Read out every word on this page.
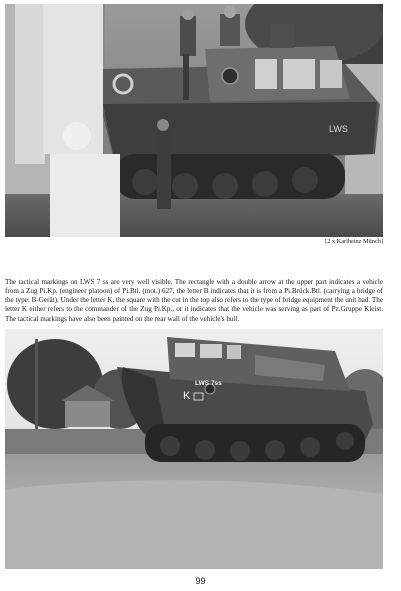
LWS
[2 x Karlheinz Münch]

The tactical markings on LWS 7 ss are very well visible. The rectangle with a double arrow at the upper part indicates a vehicle from a Zug Pi.Kp. (engineer platoon) of Pi.Btl. (mot.) 627, the letter B indicates that it is from a Pi.Brück.Btl. (carrying a bridge of the type: B-Gerät). Under the letter K, the square with the cut in the top also refers to the type of bridge equipment the unit had. The letter K either refers to the commander of the Zug Pi.Kp., or it indicates that the vehicle was serving as part of Pz.Gruppe Kleist. The tactical markings have also been painted on the rear wall of the vehicle's hull.

LWS 7ss
K
99
